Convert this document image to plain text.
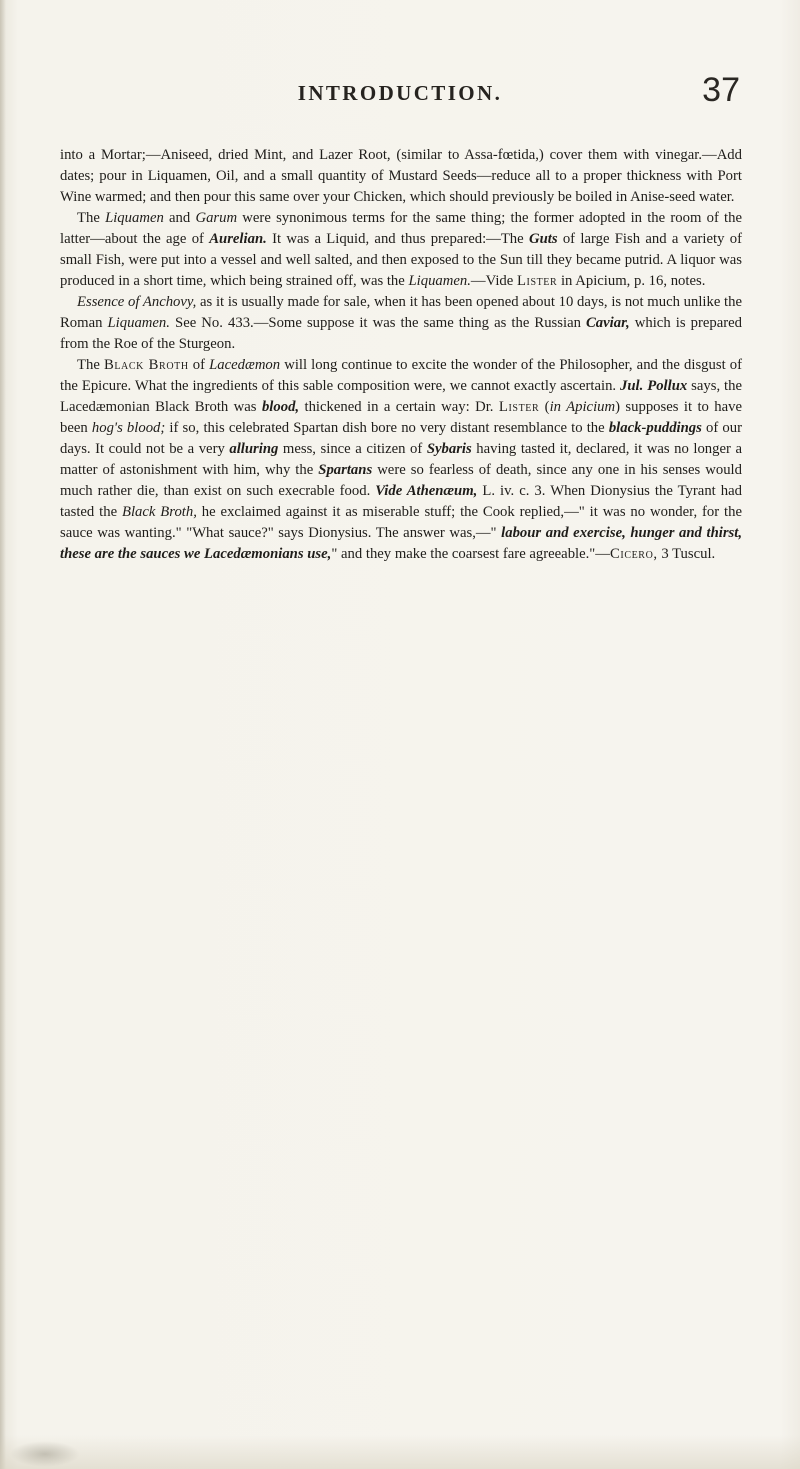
INTRODUCTION.	37

into a Mortar;—Aniseed, dried Mint, and Lazer Root, (similar to Assa-fœtida,) cover them with vinegar.—Add dates; pour in Liquamen, Oil, and a small quantity of Mustard Seeds—reduce all to a proper thickness with Port Wine warmed; and then pour this same over your Chicken, which should previously be boiled in Anise-seed water.

The Liquamen and Garum were synonimous terms for the same thing; the former adopted in the room of the latter—about the age of Aurelian. It was a Liquid, and thus prepared:—The Guts of large Fish and a variety of small Fish, were put into a vessel and well salted, and then exposed to the Sun till they became putrid. A liquor was produced in a short time, which being strained off, was the Liquamen.—Vide Lister in Apicium, p. 16, notes.

Essence of Anchovy, as it is usually made for sale, when it has been opened about 10 days, is not much unlike the Roman Liquamen. See No. 433.—Some suppose it was the same thing as the Russian Caviar, which is prepared from the Roe of the Sturgeon.

The Black Broth of Lacedæmon will long continue to excite the wonder of the Philosopher, and the disgust of the Epicure. What the ingredients of this sable composition were, we cannot exactly ascertain. Jul. Pollux says, the Lacedæmonian Black Broth was blood, thickened in a certain way: Dr. Lister (in Apicium) supposes it to have been hog's blood; if so, this celebrated Spartan dish bore no very distant resemblance to the black-puddings of our days. It could not be a very alluring mess, since a citizen of Sybaris having tasted it, declared, it was no longer a matter of astonishment with him, why the Spartans were so fearless of death, since any one in his senses would much rather die, than exist on such execrable food. Vide Athenæum, L. iv. c. 3. When Dionysius the Tyrant had tasted the Black Broth, he exclaimed against it as miserable stuff; the Cook replied,—" it was no wonder, for the sauce was wanting." "What sauce?" says Dionysius. The answer was,—" labour and exercise, hunger and thirst, these are the sauces we Lacedæmonians use," and they make the coarsest fare agreeable."—Cicero, 3 Tuscul.
